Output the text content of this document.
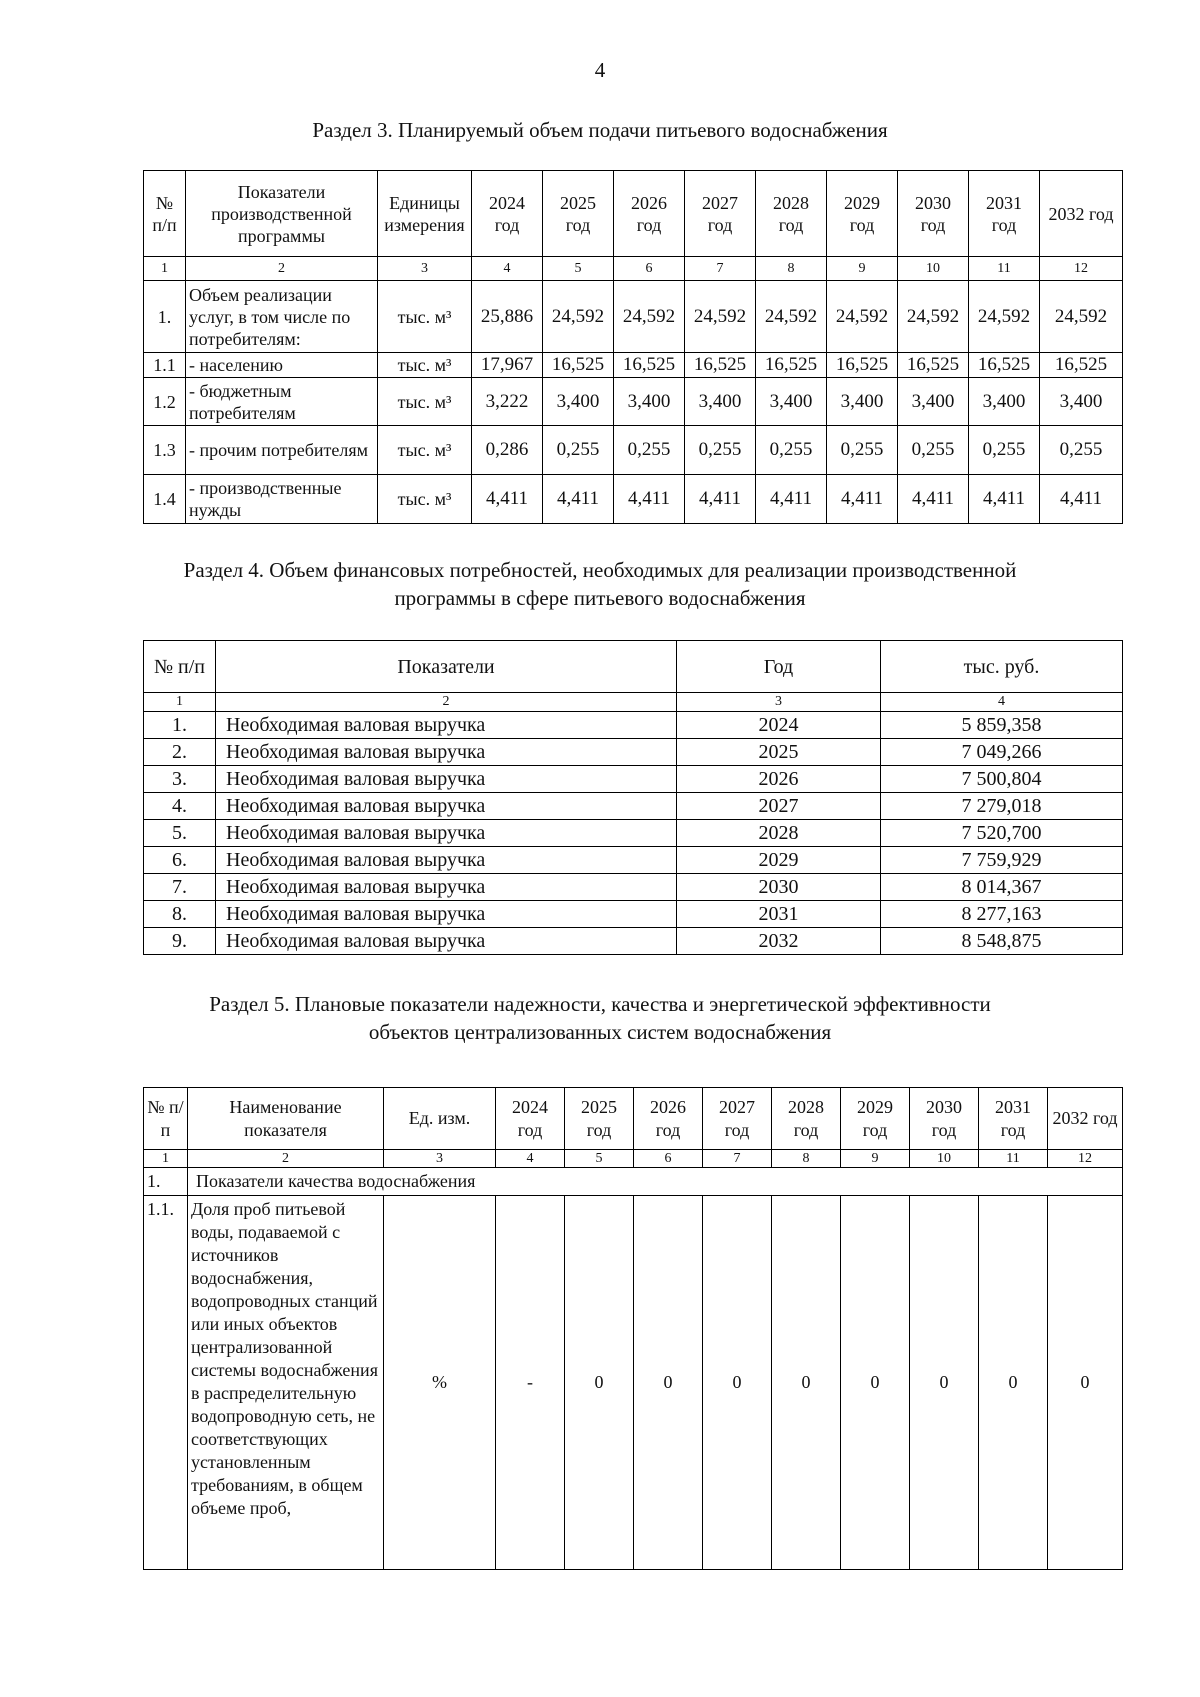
4
Раздел 3. Планируемый объем подачи питьевого водоснабжения
№ п/п	Показатели производственной программы	Единицы измерения	2024 год	2025 год	2026 год	2027 год	2028 год	2029 год	2030 год	2031 год	2032 год
1	2	3	4	5	6	7	8	9	10	11	12
1.	Объем реализации услуг, в том числе по потребителям:	тыс. м³	25,886	24,592	24,592	24,592	24,592	24,592	24,592	24,592	24,592
1.1	- населению	тыс. м³	17,967	16,525	16,525	16,525	16,525	16,525	16,525	16,525	16,525
1.2	- бюджетным потребителям	тыс. м³	3,222	3,400	3,400	3,400	3,400	3,400	3,400	3,400	3,400
1.3	- прочим потребителям	тыс. м³	0,286	0,255	0,255	0,255	0,255	0,255	0,255	0,255	0,255
1.4	- производственные нужды	тыс. м³	4,411	4,411	4,411	4,411	4,411	4,411	4,411	4,411	4,411
Раздел 4. Объем финансовых потребностей, необходимых для реализации производственной
программы в сфере питьевого водоснабжения
№ п/п	Показатели	Год	тыс. руб.
1	2	3	4
1.	Необходимая валовая выручка	2024	5 859,358
2.	Необходимая валовая выручка	2025	7 049,266
3.	Необходимая валовая выручка	2026	7 500,804
4.	Необходимая валовая выручка	2027	7 279,018
5.	Необходимая валовая выручка	2028	7 520,700
6.	Необходимая валовая выручка	2029	7 759,929
7.	Необходимая валовая выручка	2030	8 014,367
8.	Необходимая валовая выручка	2031	8 277,163
9.	Необходимая валовая выручка	2032	8 548,875
Раздел 5. Плановые показатели надежности, качества и энергетической эффективности
объектов централизованных систем водоснабжения
№ п/п	Наименование показателя	Ед. изм.	2024 год	2025 год	2026 год	2027 год	2028 год	2029 год	2030 год	2031 год	2032 год
1	2	3	4	5	6	7	8	9	10	11	12
1.	Показатели качества водоснабжения										
1.1.	Доля проб питьевой воды, подаваемой с источников водоснабжения, водопроводных станций или иных объектов централизованной системы водоснабжения в распределительную водопроводную сеть, не соответствующих установленным требованиям, в общем объеме проб,	%	-	0	0	0	0	0	0	0	0
